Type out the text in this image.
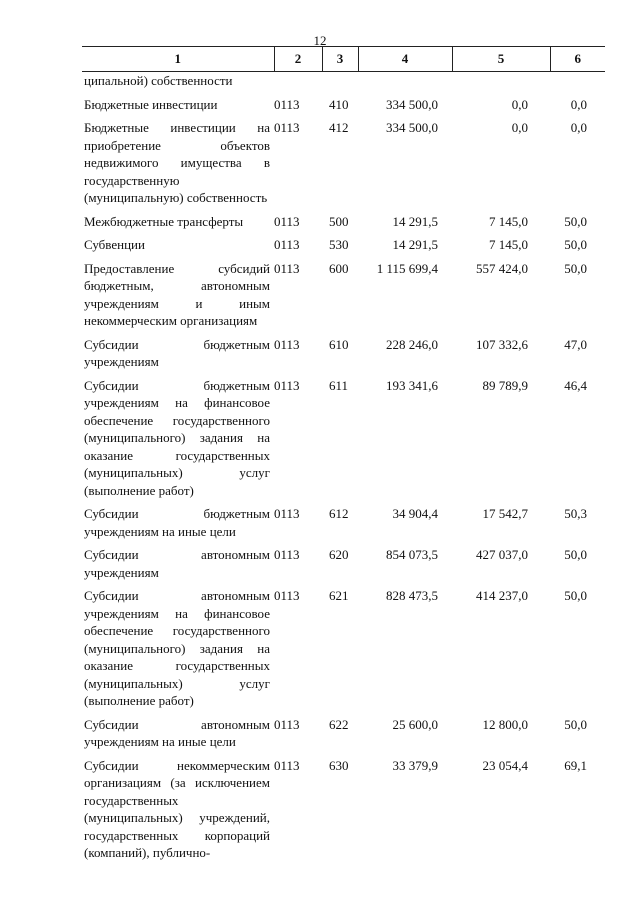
12
1	2	3	4	5	6
ципальной) собственности					
Бюджетные инвестиции	0113	410	334 500,0	0,0	0,0
Бюджетные инвестиции на приобретение объектов недвижимого имущества в государственную (муниципальную) собственность	0113	412	334 500,0	0,0	0,0
Межбюджетные трансферты	0113	500	14 291,5	7 145,0	50,0
Субвенции	0113	530	14 291,5	7 145,0	50,0
Предоставление субсидий бюджетным, автономным учреждениям и иным некоммерческим организациям	0113	600	1 115 699,4	557 424,0	50,0
Субсидии бюджетным учреждениям	0113	610	228 246,0	107 332,6	47,0
Субсидии бюджетным учреждениям на финансовое обеспечение государственного (муниципального) задания на оказание государственных (муниципальных) услуг (выполнение работ)	0113	611	193 341,6	89 789,9	46,4
Субсидии бюджетным учреждениям на иные цели	0113	612	34 904,4	17 542,7	50,3
Субсидии автономным учреждениям	0113	620	854 073,5	427 037,0	50,0
Субсидии автономным учреждениям на финансовое обеспечение государственного (муниципального) задания на оказание государственных (муниципальных) услуг (выполнение работ)	0113	621	828 473,5	414 237,0	50,0
Субсидии автономным учреждениям на иные цели	0113	622	25 600,0	12 800,0	50,0
Субсидии некоммерческим организациям (за исключением государственных (муниципальных) учреждений, государственных корпораций (компаний), публично-	0113	630	33 379,9	23 054,4	69,1
